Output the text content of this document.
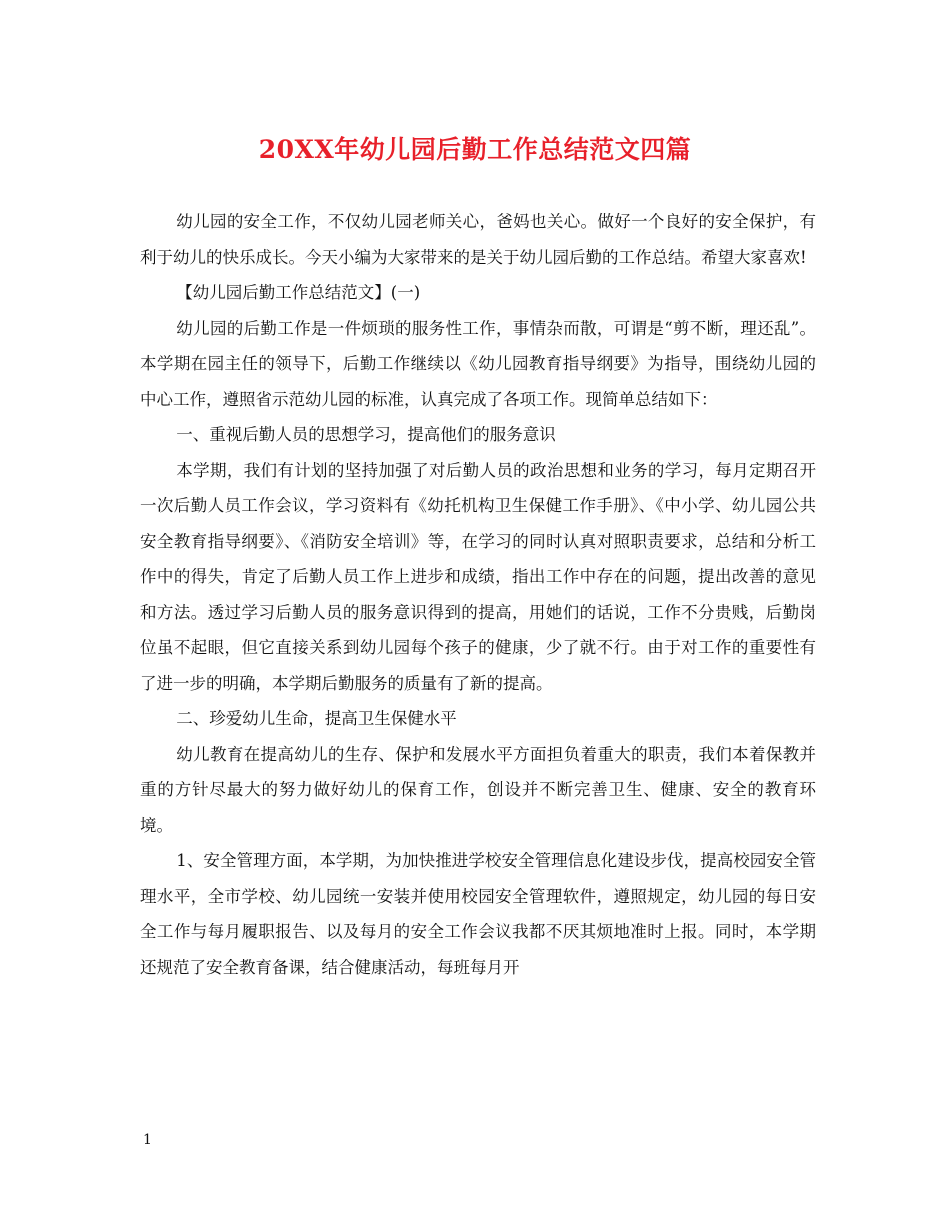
20XX年幼儿园后勤工作总结范文四篇

幼儿园的安全工作，不仅幼儿园老师关心，爸妈也关心。做好一个良好的安全保护，有利于幼儿的快乐成长。今天小编为大家带来的是关于幼儿园后勤的工作总结。希望大家喜欢!

【幼儿园后勤工作总结范文】(一)

幼儿园的后勤工作是一件烦琐的服务性工作，事情杂而散，可谓是“剪不断，理还乱”。本学期在园主任的领导下，后勤工作继续以《幼儿园教育指导纲要》为指导，围绕幼儿园的中心工作，遵照省示范幼儿园的标准，认真完成了各项工作。现简单总结如下：

一、重视后勤人员的思想学习，提高他们的服务意识

本学期，我们有计划的坚持加强了对后勤人员的政治思想和业务的学习，每月定期召开一次后勤人员工作会议，学习资料有《幼托机构卫生保健工作手册》、《中小学、幼儿园公共安全教育指导纲要》、《消防安全培训》等，在学习的同时认真对照职责要求，总结和分析工作中的得失，肯定了后勤人员工作上进步和成绩，指出工作中存在的问题，提出改善的意见和方法。透过学习后勤人员的服务意识得到的提高，用她们的话说，工作不分贵贱，后勤岗位虽不起眼，但它直接关系到幼儿园每个孩子的健康，少了就不行。由于对工作的重要性有了进一步的明确，本学期后勤服务的质量有了新的提高。

二、珍爱幼儿生命，提高卫生保健水平

幼儿教育在提高幼儿的生存、保护和发展水平方面担负着重大的职责，我们本着保教并重的方针尽最大的努力做好幼儿的保育工作，创设并不断完善卫生、健康、安全的教育环境。

1、安全管理方面，本学期，为加快推进学校安全管理信息化建设步伐，提高校园安全管理水平，全市学校、幼儿园统一安装并使用校园安全管理软件，遵照规定，幼儿园的每日安全工作与每月履职报告、以及每月的安全工作会议我都不厌其烦地准时上报。同时，本学期还规范了安全教育备课，结合健康活动，每班每月开

1
